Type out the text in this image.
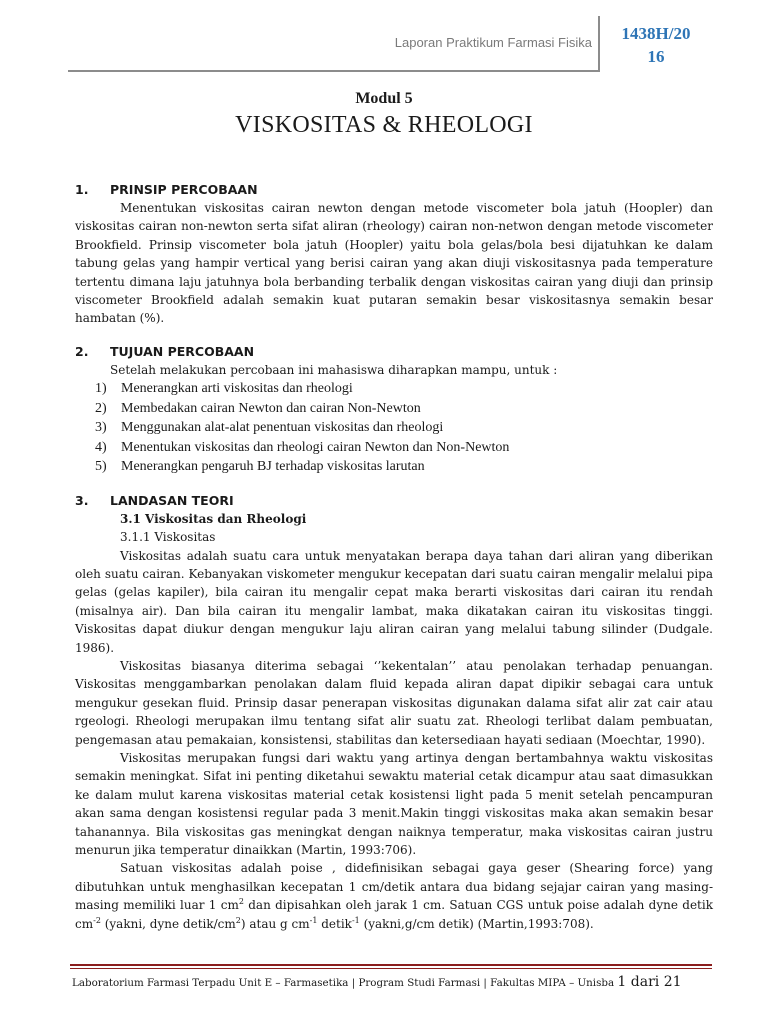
Laporan Praktikum Farmasi Fisika	1438H/20
16
Modul 5
VISKOSITAS & RHEOLOGI

1. PRINSIP PERCOBAAN

Menentukan viskositas cairan newton dengan metode viscometer bola jatuh (Hoopler) dan viskositas cairan non-newton serta sifat aliran (rheology) cairan non-netwon dengan metode viscometer Brookfield. Prinsip viscometer bola jatuh (Hoopler) yaitu bola gelas/bola besi dijatuhkan ke dalam tabung gelas yang hampir vertical yang berisi cairan yang akan diuji viskositasnya pada temperature tertentu dimana laju jatuhnya bola berbanding terbalik dengan viskositas cairan yang diuji dan prinsip viscometer Brookfield adalah semakin kuat putaran semakin besar viskositasnya semakin besar hambatan (%).

2. TUJUAN PERCOBAAN

Setelah melakukan percobaan ini mahasiswa diharapkan mampu, untuk :

1) Menerangkan arti viskositas dan rheologi
2) Membedakan cairan Newton dan cairan Non-Newton
3) Menggunakan alat-alat penentuan viskositas dan rheologi
4) Menentukan viskositas dan rheologi cairan Newton dan Non-Newton
5) Menerangkan pengaruh BJ terhadap viskositas larutan

3. LANDASAN TEORI

3.1 Viskositas dan Rheologi

3.1.1 Viskositas

Viskositas adalah suatu cara untuk menyatakan berapa daya tahan dari aliran yang diberikan oleh suatu cairan. Kebanyakan viskometer mengukur kecepatan dari suatu cairan mengalir melalui pipa gelas (gelas kapiler), bila cairan itu mengalir cepat maka berarti viskositas dari cairan itu rendah (misalnya air). Dan bila cairan itu mengalir lambat, maka dikatakan cairan itu viskositas tinggi. Viskositas dapat diukur dengan mengukur laju aliran cairan yang melalui tabung silinder (Dudgale. 1986).

Viskositas biasanya diterima sebagai ‘’kekentalan’’ atau penolakan terhadap penuangan. Viskositas menggambarkan penolakan dalam fluid kepada aliran dapat dipikir sebagai cara untuk mengukur gesekan fluid. Prinsip dasar penerapan viskositas digunakan dalama sifat alir zat cair atau rgeologi. Rheologi merupakan ilmu tentang sifat alir suatu zat. Rheologi terlibat dalam pembuatan, pengemasan atau pemakaian, konsistensi, stabilitas dan ketersediaan hayati sediaan (Moechtar, 1990).

Viskositas merupakan fungsi dari waktu yang artinya dengan bertambahnya waktu viskositas semakin meningkat. Sifat ini penting diketahui sewaktu material cetak dicampur atau saat dimasukkan ke dalam mulut karena viskositas material cetak kosistensi light pada 5 menit setelah pencampuran akan sama dengan kosistensi regular pada 3 menit.Makin tinggi viskositas maka akan semakin besar tahanannya. Bila viskositas gas meningkat dengan naiknya temperatur, maka viskositas cairan justru menurun jika temperatur dinaikkan (Martin, 1993:706).

Satuan viskositas adalah poise , didefinisikan sebagai gaya geser (Shearing force) yang dibutuhkan untuk menghasilkan kecepatan 1 cm/detik antara dua bidang sejajar cairan yang masing-masing memiliki luar 1 $cm^2$ dan dipisahkan oleh jarak 1 cm. Satuan CGS untuk poise adalah dyne detik $cm^{-2}$ (yakni, dyne detik/$cm^2$) atau g $cm^{-1}$ detik$^{-1}$ (yakni,g/cm detik) (Martin,1993:708).

Laboratorium Farmasi Terpadu Unit E – Farmasetika | Program Studi Farmasi | Fakultas MIPA – Unisba 1 dari 21
